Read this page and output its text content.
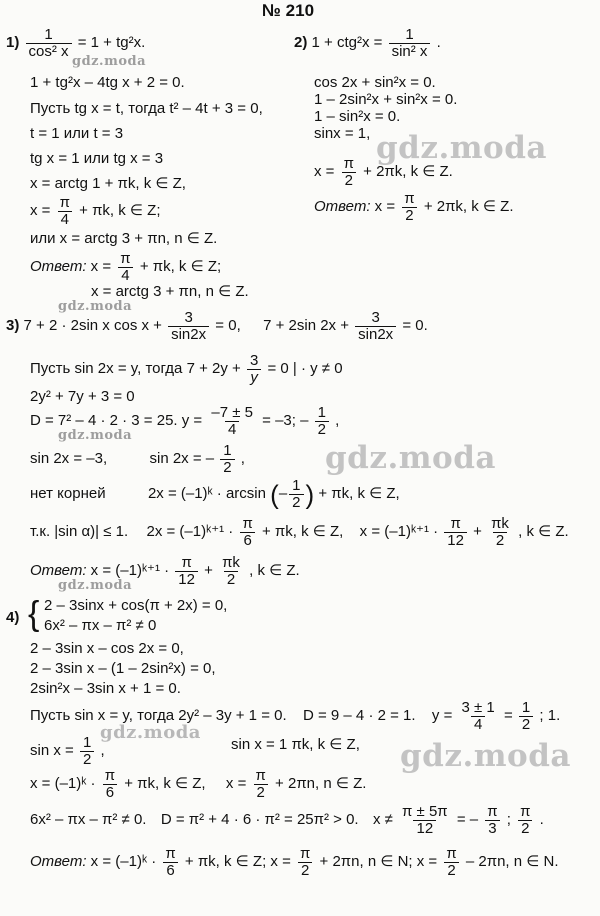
№ 210
$1) \frac{1}{\text{cos² x}} = 1 + tg^2x$.
1 + tg²x – 4tg x + 2 = 0.
Пусть tg x = t, тогда t² – 4t + 3 = 0,
t = 1 или t = 3
tg x = 1 или tg x = 3
x = arctg 1 + πk, k ∈ Z,
$x = \frac{\pi}{4} + \pi k$, k ∈ Z;
или x = arctg 3 + πn, n ∈ Z.
Ответ: $x = \frac{\pi}{4} + \pi k$, k ∈ Z;
x = arctg 3 + πn, n ∈ Z.
2) $1 + ctg^2x = \frac{1}{\text{sin² x}}$ .
cos 2x + sin²x = 0.
1 – 2sin²x + sin²x = 0.
1 – sin²x = 0.
sinx = 1,
$x = \frac{\pi}{2} + 2\pi k$, k ∈ Z.
Ответ: $x = \frac{\pi}{2} + 2\pi k$, k ∈ Z.
3) 7 + 2 · 2sin x $\cos x + \frac{3}{\sin 2x} = 0$, 7 + 2sin $2x + \frac{3}{\sin 2x} = 0$.
Пусть sin 2x = y, тогда $7 + 2y + \frac{3}{y} = 0$ | · y ≠ 0
2y² + 7y + 3 = 0
D = 7² – 4 · 2 · 3 = 25. $y = \frac{-7 \pm 5}{4} = -3$; – $\frac{1}{2}$ ,
sin 2x = –3,	sin 2x = – $\frac{1}{2}$ ,
нет корней	2x = (–1)ᵏ · arcsin (– $\frac{1}{2}$ ) + πk, k ∈ Z,
т.к. |sin α)| ≤ 1. 2x = (–1)ᵏ⁺¹ · $\frac{\pi}{6} + \pi k$, k ∈ Z, x = (–1)ᵏ⁺¹ · $\frac{\pi}{12} + \frac{\pi k}{2}$ , k ∈ Z.
Ответ: x = (–1)ᵏ⁺¹ · $\frac{\pi}{12} + \frac{\pi k}{2}$ , k ∈ Z.
4) { 2 – 3sinx + cos(π + 2x) = 0,
6x² – πx – π² ≠ 0
2 – 3sin x – cos 2x = 0,
2 – 3sin x – (1 – 2sin²x) = 0,
2sin²x – 3sin x + 1 = 0.
Пусть sin x = y, тогда 2y² – 3y + 1 = 0. D = 9 – 4 · 2 = 1. $y = \frac{3 \pm 1}{4} = \frac{1}{2}$ ; 1.
$\sin x = \frac{1}{2}$ ,	sin x = 1 πk, k ∈ Z,
x = (–1)ᵏ · $\frac{\pi}{6} + \pi k$, k ∈ Z, $x = \frac{\pi}{2} + 2\pi n$, n ∈ Z.
6x² – πx – π² ≠ 0. D = π² + 4 · 6 · π² = 25π² > 0. $x \ne \frac{\pi \pm 5\pi}{12}$ = – $\frac{\pi}{3}$ ; $\frac{\pi}{2}$ .
Ответ: x = (–1)ᵏ · $\frac{\pi}{6} + \pi k$, k ∈ Z; $x = \frac{\pi}{2} + 2\pi n$, n ∈ N; $x = \frac{\pi}{2} - 2\pi n$, n ∈ N.
gdz.moda
gdz.moda
gdz.moda
gdz.moda
gdz.moda
gdz.moda
gdz.moda
gdz.moda
